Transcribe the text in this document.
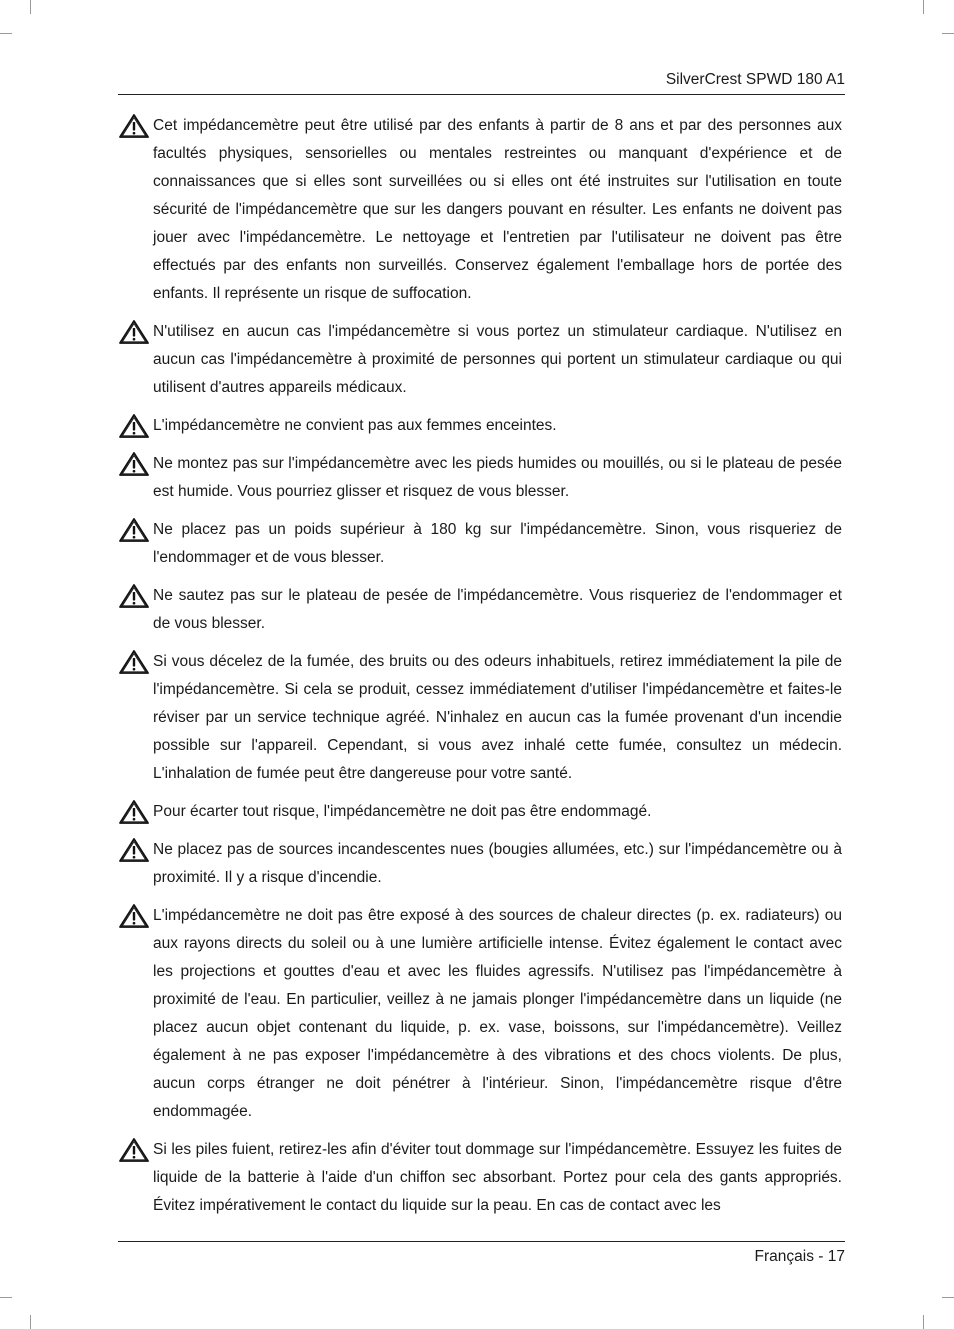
SilverCrest SPWD 180 A1

Cet impédancemètre peut être utilisé par des enfants à partir de 8 ans et par des personnes aux facultés physiques, sensorielles ou mentales restreintes ou manquant d'expérience et de connaissances que si elles sont surveillées ou si elles ont été instruites sur l'utilisation en toute sécurité de l'impédancemètre que sur les dangers pouvant en résulter. Les enfants ne doivent pas jouer avec l'impédancemètre. Le nettoyage et l'entretien par l'utilisateur ne doivent pas être effectués par des enfants non surveillés. Conservez également l'emballage hors de portée des enfants. Il représente un risque de suffocation.

N'utilisez en aucun cas l'impédancemètre si vous portez un stimulateur cardiaque. N'utilisez en aucun cas l'impédancemètre à proximité de personnes qui portent un stimulateur cardiaque ou qui utilisent d'autres appareils médicaux.

L'impédancemètre ne convient pas aux femmes enceintes.

Ne montez pas sur l'impédancemètre avec les pieds humides ou mouillés, ou si le plateau de pesée est humide. Vous pourriez glisser et risquez de vous blesser.

Ne placez pas un poids supérieur à 180 kg sur l'impédancemètre. Sinon, vous risqueriez de l'endommager et de vous blesser.

Ne sautez pas sur le plateau de pesée de l'impédancemètre. Vous risqueriez de l'endommager et de vous blesser.

Si vous décelez de la fumée, des bruits ou des odeurs inhabituels, retirez immédiatement la pile de l'impédancemètre. Si cela se produit, cessez immédiatement d'utiliser l'impédancemètre et faites-le réviser par un service technique agréé. N'inhalez en aucun cas la fumée provenant d'un incendie possible sur l'appareil. Cependant, si vous avez inhalé cette fumée, consultez un médecin. L'inhalation de fumée peut être dangereuse pour votre santé.

Pour écarter tout risque, l'impédancemètre ne doit pas être endommagé.

Ne placez pas de sources incandescentes nues (bougies allumées, etc.) sur l'impédancemètre ou à proximité. Il y a risque d'incendie.

L'impédancemètre ne doit pas être exposé à des sources de chaleur directes (p. ex. radiateurs) ou aux rayons directs du soleil ou à une lumière artificielle intense. Évitez également le contact avec les projections et gouttes d'eau et avec les fluides agressifs. N'utilisez pas l'impédancemètre à proximité de l'eau. En particulier, veillez à ne jamais plonger l'impédancemètre dans un liquide (ne placez aucun objet contenant du liquide, p. ex. vase, boissons, sur l'impédancemètre). Veillez également à ne pas exposer l'impédancemètre à des vibrations et des chocs violents. De plus, aucun corps étranger ne doit pénétrer à l'intérieur. Sinon, l'impédancemètre risque d'être endommagée.

Si les piles fuient, retirez-les afin d'éviter tout dommage sur l'impédancemètre. Essuyez les fuites de liquide de la batterie à l'aide d'un chiffon sec absorbant. Portez pour cela des gants appropriés. Évitez impérativement le contact du liquide sur la peau. En cas de contact avec les

Français - 17
